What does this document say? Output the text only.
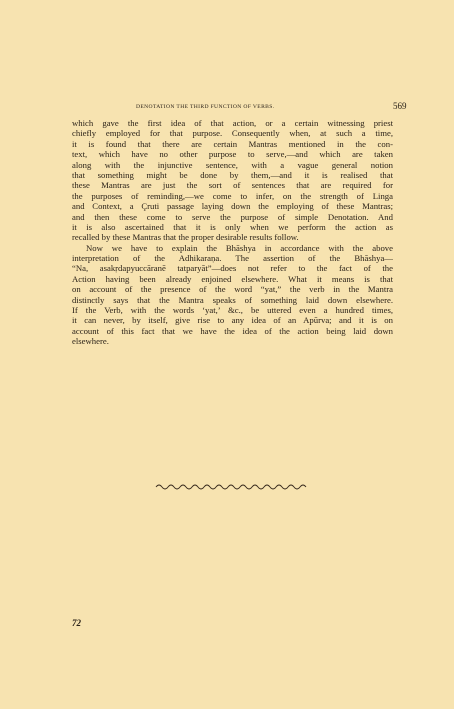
DENOTATION THE THIRD FUNCTION OF VERBS.	569
which gave the first idea of that action, or a certain witnessing priest
chiefly employed for that purpose. Consequently when, at such a time,
it is found that there are certain Mantras mentioned in the con-
text, which have no other purpose to serve,—and which are taken
along with the injunctive sentence, with a vague general notion
that something might be done by them,—and it is realised that
these Mantras are just the sort of sentences that are required for
the purposes of reminding,—we come to infer, on the strength of Linga
and Context, a Çruti passage laying down the employing of these Mantras;
and then these come to serve the purpose of simple Denotation. And
it is also ascertained that it is only when we perform the action as
recalled by these Mantras that the proper desirable results follow.
Now we have to explain the Bhāshya in accordance with the above
interpretation of the Adhikaraṇa. The assertion of the Bhāshya—
“Na, asakṛdapyuccāranē tatparyāt”—does not refer to the fact of the
Action having been already enjoined elsewhere. What it means is that
on account of the presence of the word “yat,” the verb in the Mantra
distinctly says that the Mantra speaks of something laid down elsewhere.
If the Verb, with the words ‘yat,’ &c., be uttered even a hundred times,
it can never, by itself, give rise to any idea of an Apūrva; and it is on
account of this fact that we have the idea of the action being laid down
elsewhere.
72
